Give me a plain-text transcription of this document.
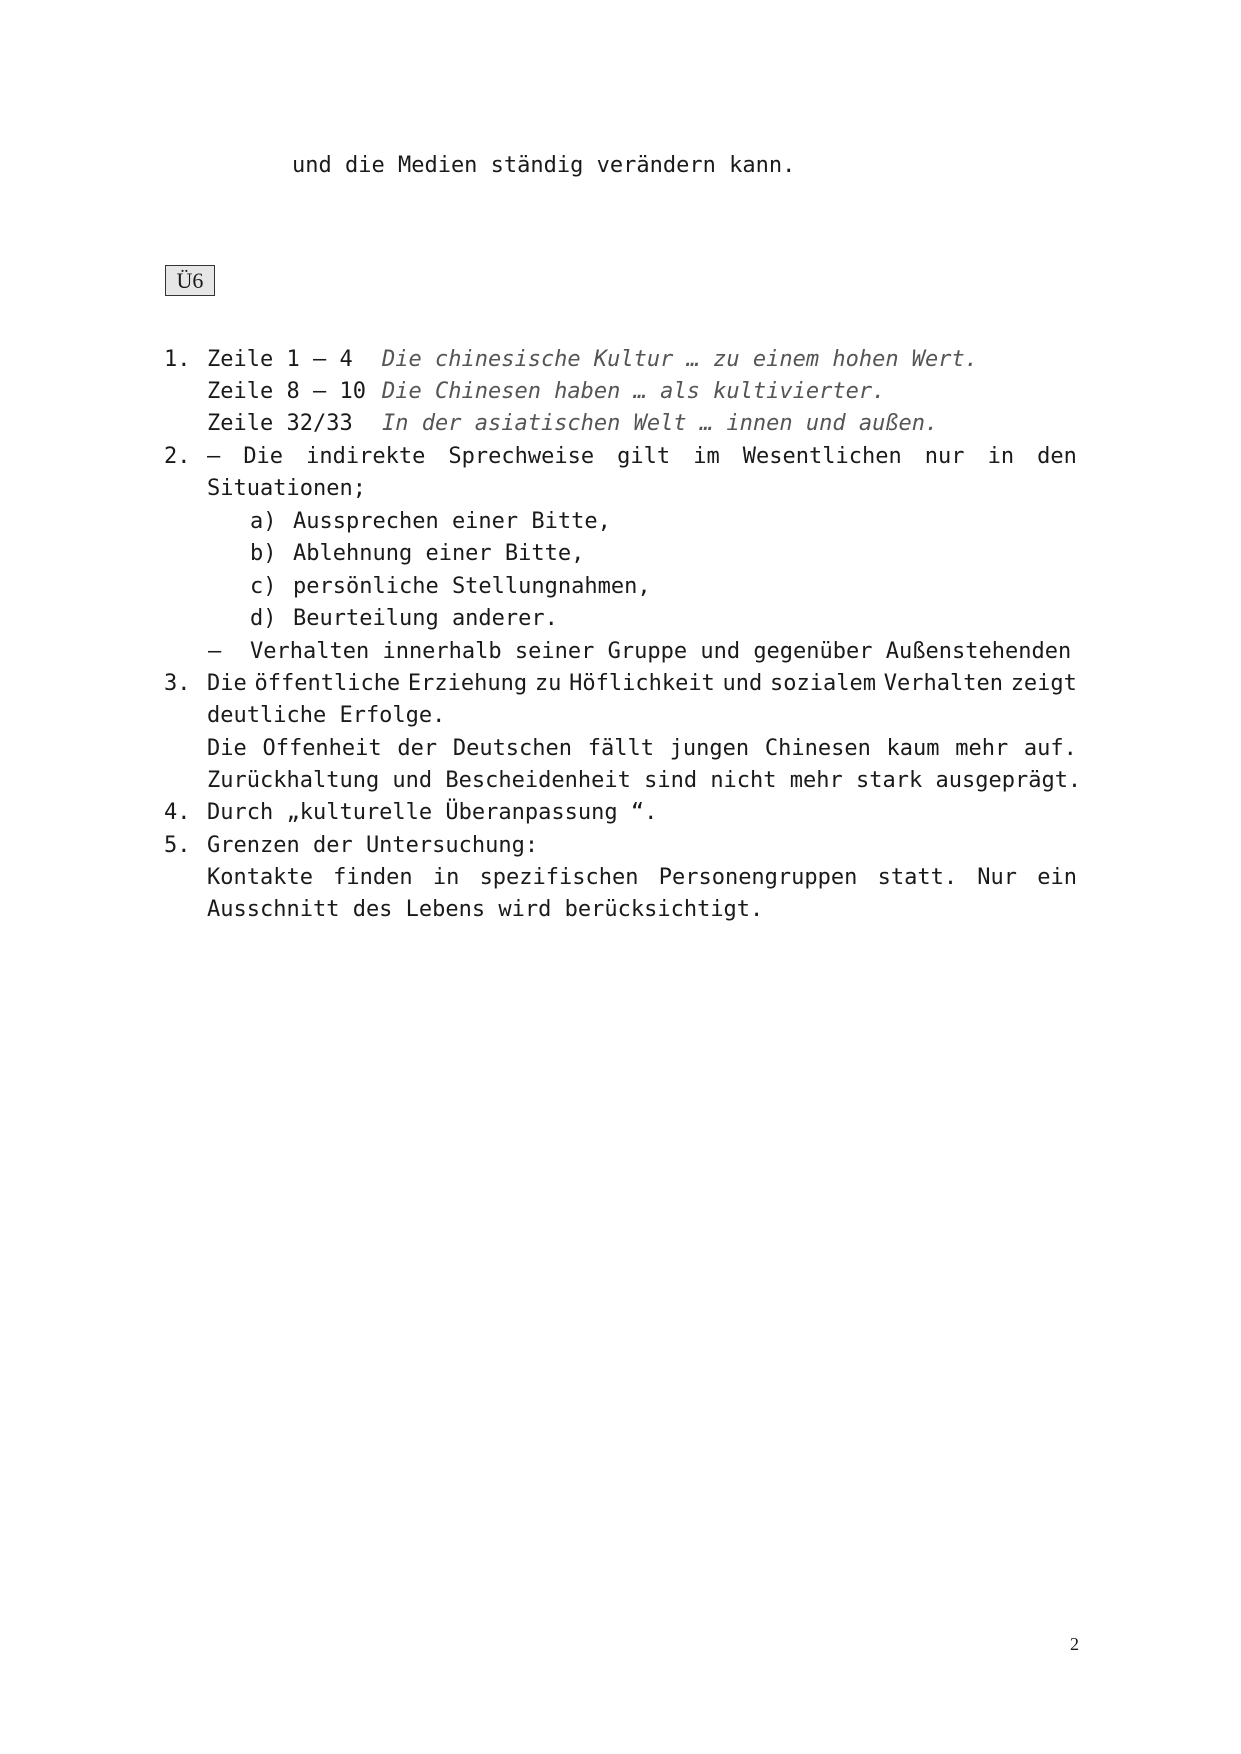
und die Medien ständig verändern kann.
Ü6
1. Zeile 1 – 4 Die chinesische Kultur … zu einem hohen Wert.
Zeile 8 – 10 Die Chinesen haben … als kultivierter.
Zeile 32/33 In der asiatischen Welt … innen und außen.
2. – Die indirekte Sprechweise gilt im Wesentlichen nur in den
Situationen;
a) Aussprechen einer Bitte,
b) Ablehnung einer Bitte,
c) persönliche Stellungnahmen,
d) Beurteilung anderer.
– Verhalten innerhalb seiner Gruppe und gegenüber Außenstehenden
3. Die öffentliche Erziehung zu Höflichkeit und sozialem Verhalten zeigt
deutliche Erfolge.
Die Offenheit der Deutschen fällt jungen Chinesen kaum mehr auf.
Zurückhaltung und Bescheidenheit sind nicht mehr stark ausgeprägt.
4. Durch „kulturelle Überanpassung “.
5. Grenzen der Untersuchung:
Kontakte finden in spezifischen Personengruppen statt. Nur ein
Ausschnitt des Lebens wird berücksichtigt.
2
